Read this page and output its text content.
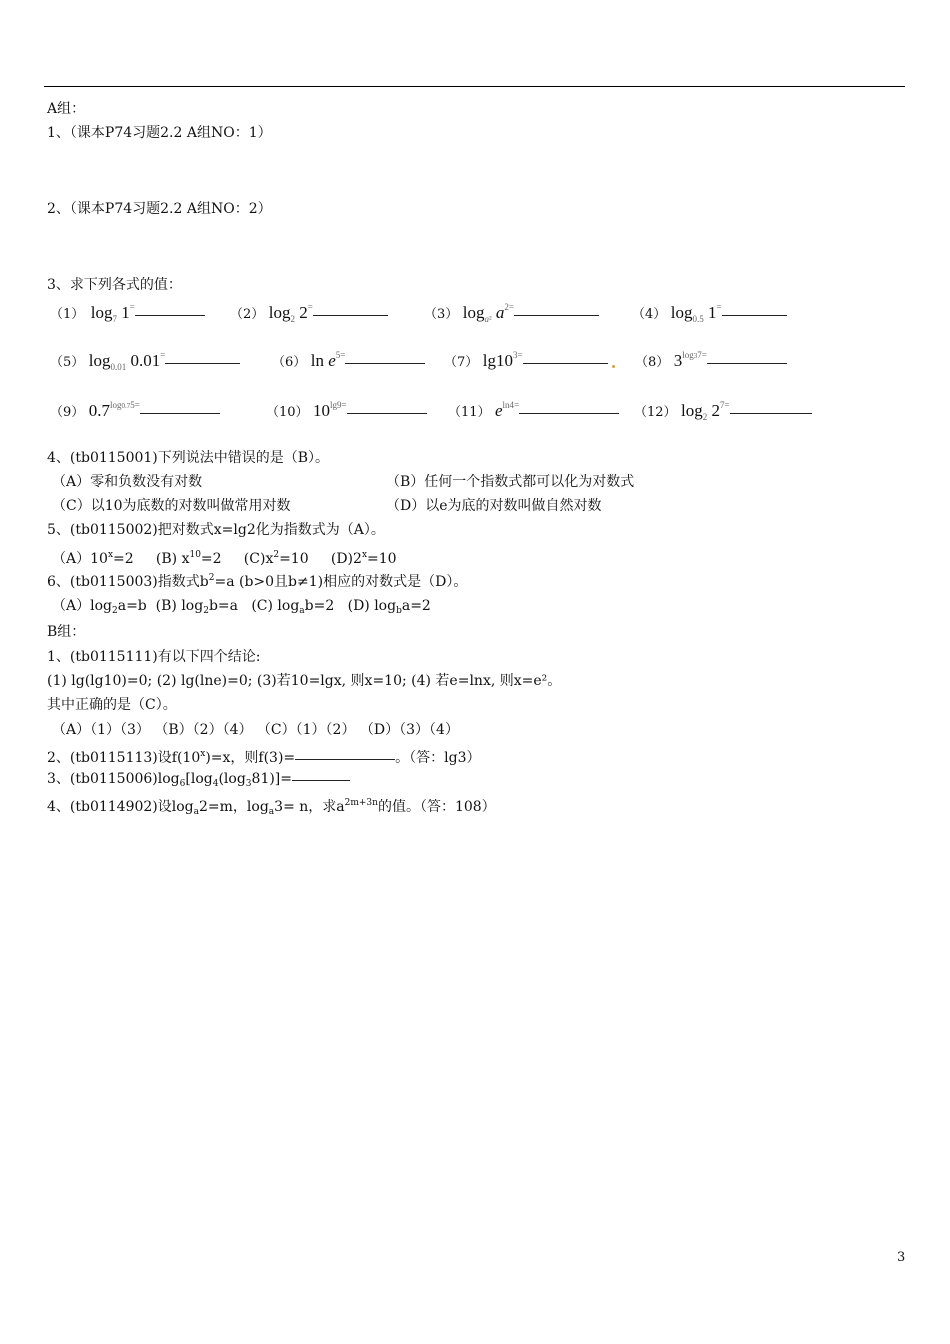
A组：
1、（课本P74习题2.2 A组NO：1）
2、（课本P74习题2.2 A组NO：2）
3、求下列各式的值：
（1） $\log_7 1^=$	（2） $\log_2 2^=$	（3） $\log_{a^2} a^{2=}$	（4） $\log_{0.5} 1^=$
（5） $\log_{0.01} 0.01^=$	（6） $\ln e^{5=}$	（7） $\lg 10^{3=}$	（8） $3^{log37=}$
（9） $0.7^{log0.75=}$	（10） $10^{lg9=}$	（11） $e^{ln4=}$	（12） $\log_2 2^{7=}$
4、(tb0115001)下列说法中错误的是（B）。
（A）零和负数没有对数	（B）任何一个指数式都可以化为对数式
（C）以10为底数的对数叫做常用对数	（D）以e为底的对数叫做自然对数
5、(tb0115002)把对数式x=lg2化为指数式为（A）。
$(A)10^x=2$     (B) $x^{10}=2$     $(C)x^2=10$     $(D)2^x=10$
6、(tb0115003)指数式$b^2=a$ (b>0且b≠1)相应的对数式是（D）。
$(A)\log_2a=b$  (B) $\log_2b=a$   (C) $\log_ab=2$   (D) $\log_ba=2$
B组：
1、(tb0115111)有以下四个结论:
(1) lg(lg10)=0; (2) lg(lne)=0; (3)若10=lgx, 则x=10; (4) 若e=lnx, 则x=e²。
其中正确的是（C）。
（A）（1）（3） （B）（2）（4） （C）（1）（2） （D）（3）（4）
2、(tb0115113)设$f(10^x)=x$，则f(3)=	。（答：lg3）
3、$(tb0115006)\log_6[\log_4(\log_381)]=$
4、(tb0114902)设$\log_a2=m$，$\log_a3= n$，求$a^{2m+3n}$的值。（答：108）
3
